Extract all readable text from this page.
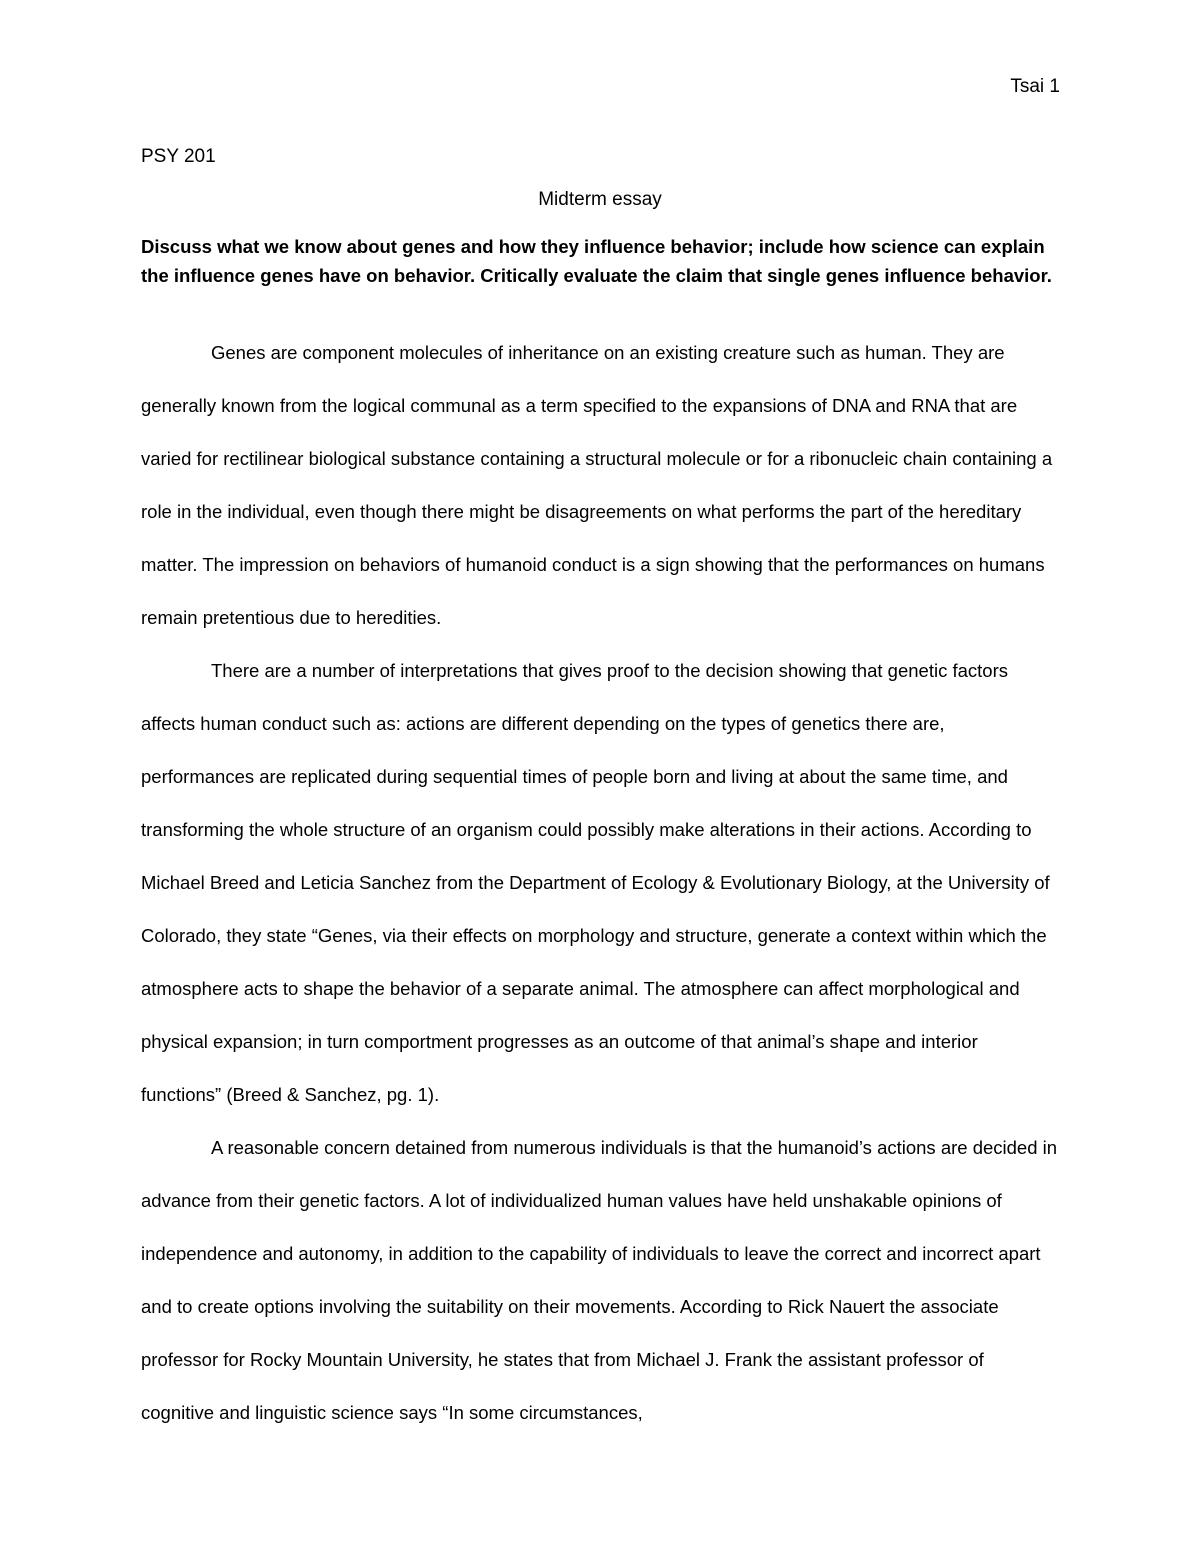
Tsai 1
PSY 201
Midterm essay

Discuss what we know about genes and how they influence behavior; include how science can explain the influence genes have on behavior. Critically evaluate the claim that single genes influence behavior.

Genes are component molecules of inheritance on an existing creature such as human. They are generally known from the logical communal as a term specified to the expansions of DNA and RNA that are varied for rectilinear biological substance containing a structural molecule or for a ribonucleic chain containing a role in the individual, even though there might be disagreements on what performs the part of the hereditary matter. The impression on behaviors of humanoid conduct is a sign showing that the performances on humans remain pretentious due to heredities.

There are a number of interpretations that gives proof to the decision showing that genetic factors affects human conduct such as: actions are different depending on the types of genetics there are, performances are replicated during sequential times of people born and living at about the same time, and transforming the whole structure of an organism could possibly make alterations in their actions. According to Michael Breed and Leticia Sanchez from the Department of Ecology & Evolutionary Biology, at the University of Colorado, they state “Genes, via their effects on morphology and structure, generate a context within which the atmosphere acts to shape the behavior of a separate animal. The atmosphere can affect morphological and physical expansion; in turn comportment progresses as an outcome of that animal’s shape and interior functions” (Breed & Sanchez, pg. 1).

A reasonable concern detained from numerous individuals is that the humanoid’s actions are decided in advance from their genetic factors. A lot of individualized human values have held unshakable opinions of independence and autonomy, in addition to the capability of individuals to leave the correct and incorrect apart and to create options involving the suitability on their movements. According to Rick Nauert the associate professor for Rocky Mountain University, he states that from Michael J. Frank the assistant professor of cognitive and linguistic science says “In some circumstances,
